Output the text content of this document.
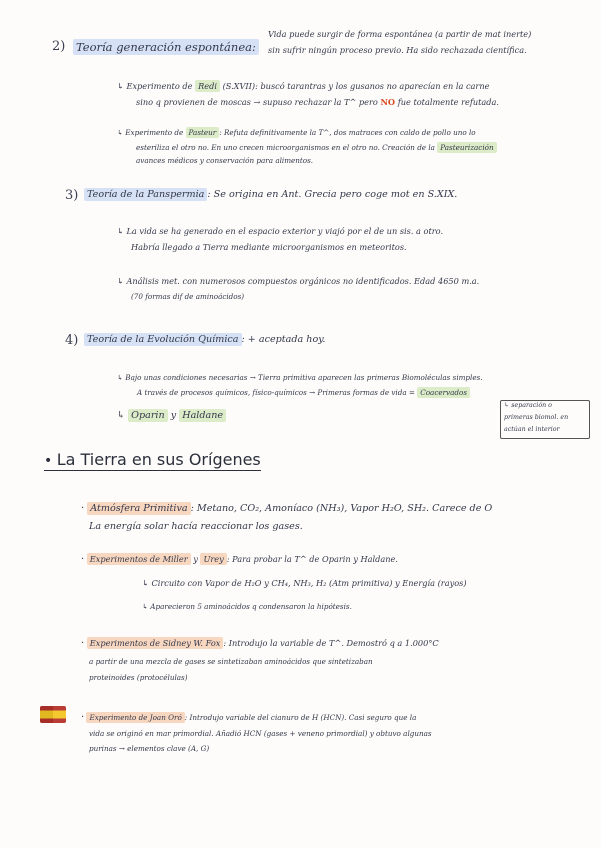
2) Teoría generación espontánea:
Vida puede surgir de forma espontánea (a partir de mat inerte)
sin sufrir ningún proceso previo. Ha sido rechazada científica.
↳ Experimento de Redi (S.XVII): buscó tarantras y los gusanos no aparecían en la carne
sino q provienen de moscas → supuso rechazar la T^ pero NO fue totalmente refutada.
↳ Experimento de Pasteur : Refuta definitivamente la T^, dos matraces con caldo de pollo uno lo
esteriliza el otro no. En uno crecen microorganismos en el otro no. Creación de la Pasteurización
avances médicos y conservación para alimentos.
3) Teoría de la Panspermia : Se origina en Ant. Grecia pero coge mot en S.XIX.
↳ La vida se ha generado en el espacio exterior y viajó por el de un sis. a otro.
Habría llegado a Tierra mediante microorganismos en meteoritos.
↳ Análisis met. con numerosos compuestos orgánicos no identificados. Edad 4650 m.a.
(70 formas dif de aminoácidos)
4) Teoría de la Evolución Química : + aceptada hoy.
↳ Bajo unas condiciones necesarias → Tierra primitiva aparecen las primeras Biomoléculas simples.
A través de procesos químicos, físico-químicos → Primeras formas de vida = Coacervados
↳ Oparin y Haldane
↳ separación o
primeras biomol. en
actúan el interior
• La Tierra en sus Orígenes
· Atmósfera Primitiva : Metano, CO₂, Amoníaco (NH₃), Vapor H₂O, SH₂. Carece de O
La energía solar hacía reaccionar los gases.
· Experimentos de Miller y Urey : Para probar la T^ de Oparin y Haldane.
↳ Circuito con Vapor de H₂O y CH₄, NH₃, H₂ (Atm primitiva) y Energía (rayos)
↳ Aparecieron 5 aminoácidos q condensaron la hipótesis.
· Experimentos de Sidney W. Fox : Introdujo la variable de T^. Demostró q a 1.000°C
a partir de una mezcla de gases se sintetizaban aminoácidos que sintetizaban
proteinoides (protocélulas)
· Experimento de Joan Oró : Introdujo variable del cianuro de H (HCN). Casi seguro que la
vida se originó en mar primordial. Añadió HCN (gases + veneno primordial) y obtuvo algunas
purinas → elementos clave (A, G)
